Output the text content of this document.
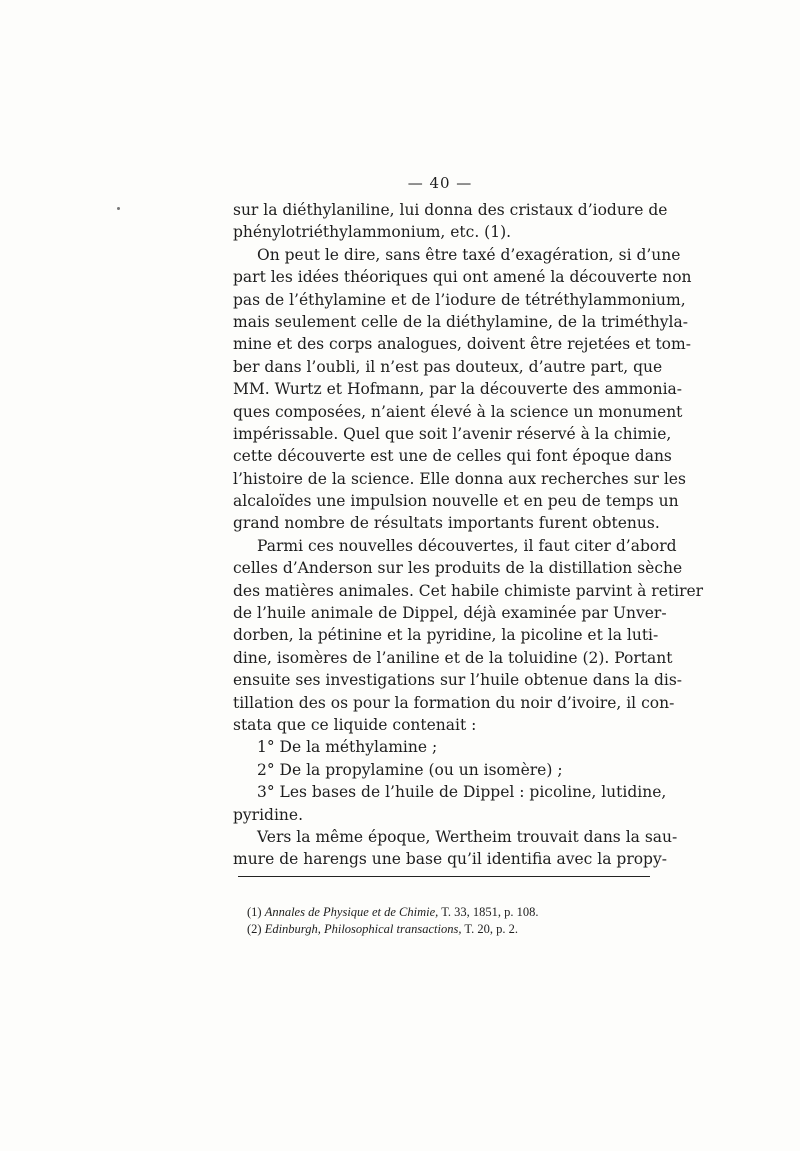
— 40 —
sur la diéthylaniline, lui donna des cristaux d’iodure de
phénylotriéthylammonium, etc. (1).
On peut le dire, sans être taxé d’exagération, si d’une
part les idées théoriques qui ont amené la découverte non
pas de l’éthylamine et de l’iodure de tétréthylammonium,
mais seulement celle de la diéthylamine, de la triméthyla-
mine et des corps analogues, doivent être rejetées et tom-
ber dans l’oubli, il n’est pas douteux, d’autre part, que
MM. Wurtz et Hofmann, par la découverte des ammonia-
ques composées, n’aient élevé à la science un monument
impérissable. Quel que soit l’avenir réservé à la chimie,
cette découverte est une de celles qui font époque dans
l’histoire de la science. Elle donna aux recherches sur les
alcaloïdes une impulsion nouvelle et en peu de temps un
grand nombre de résultats importants furent obtenus.
Parmi ces nouvelles découvertes, il faut citer d’abord
celles d’Anderson sur les produits de la distillation sèche
des matières animales. Cet habile chimiste parvint à retirer
de l’huile animale de Dippel, déjà examinée par Unver-
dorben, la pétinine et la pyridine, la picoline et la luti-
dine, isomères de l’aniline et de la toluidine (2). Portant
ensuite ses investigations sur l’huile obtenue dans la dis-
tillation des os pour la formation du noir d’ivoire, il con-
stata que ce liquide contenait :
1° De la méthylamine ;
2° De la propylamine (ou un isomère) ;
3° Les bases de l’huile de Dippel : picoline, lutidine,
pyridine.
Vers la même époque, Wertheim trouvait dans la sau-
mure de harengs une base qu’il identifia avec la propy-
(1) Annales de Physique et de Chimie, T. 33, 1851, p. 108.
(2) Edinburgh, Philosophical transactions, T. 20, p. 2.
